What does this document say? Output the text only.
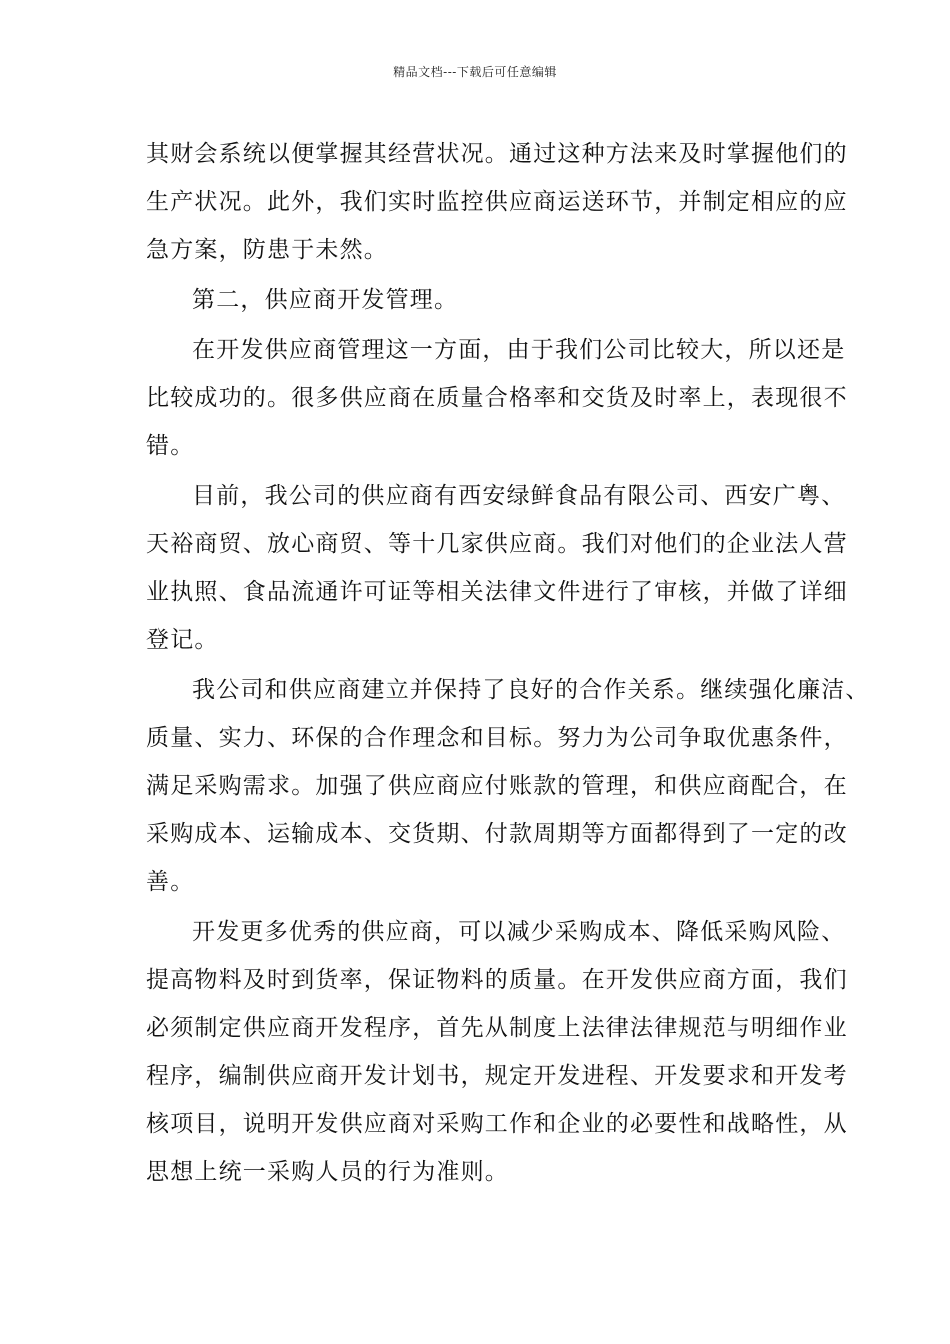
精品文档---下载后可任意编辑
其财会系统以便掌握其经营状况。通过这种方法来及时掌握他们的
生产状况。此外，我们实时监控供应商运送环节，并制定相应的应
急方案，防患于未然。
第二，供应商开发管理。
在开发供应商管理这一方面，由于我们公司比较大，所以还是
比较成功的。很多供应商在质量合格率和交货及时率上，表现很不
错。
目前，我公司的供应商有西安绿鲜食品有限公司、西安广粤、
天裕商贸、放心商贸、等十几家供应商。我们对他们的企业法人营
业执照、食品流通许可证等相关法律文件进行了审核，并做了详细
登记。
我公司和供应商建立并保持了良好的合作关系。继续强化廉洁、
质量、实力、环保的合作理念和目标。努力为公司争取优惠条件，
满足采购需求。加强了供应商应付账款的管理，和供应商配合，在
采购成本、运输成本、交货期、付款周期等方面都得到了一定的改
善。
开发更多优秀的供应商，可以减少采购成本、降低采购风险、
提高物料及时到货率，保证物料的质量。在开发供应商方面，我们
必须制定供应商开发程序，首先从制度上法律法律规范与明细作业
程序，编制供应商开发计划书，规定开发进程、开发要求和开发考
核项目，说明开发供应商对采购工作和企业的必要性和战略性，从
思想上统一采购人员的行为准则。
